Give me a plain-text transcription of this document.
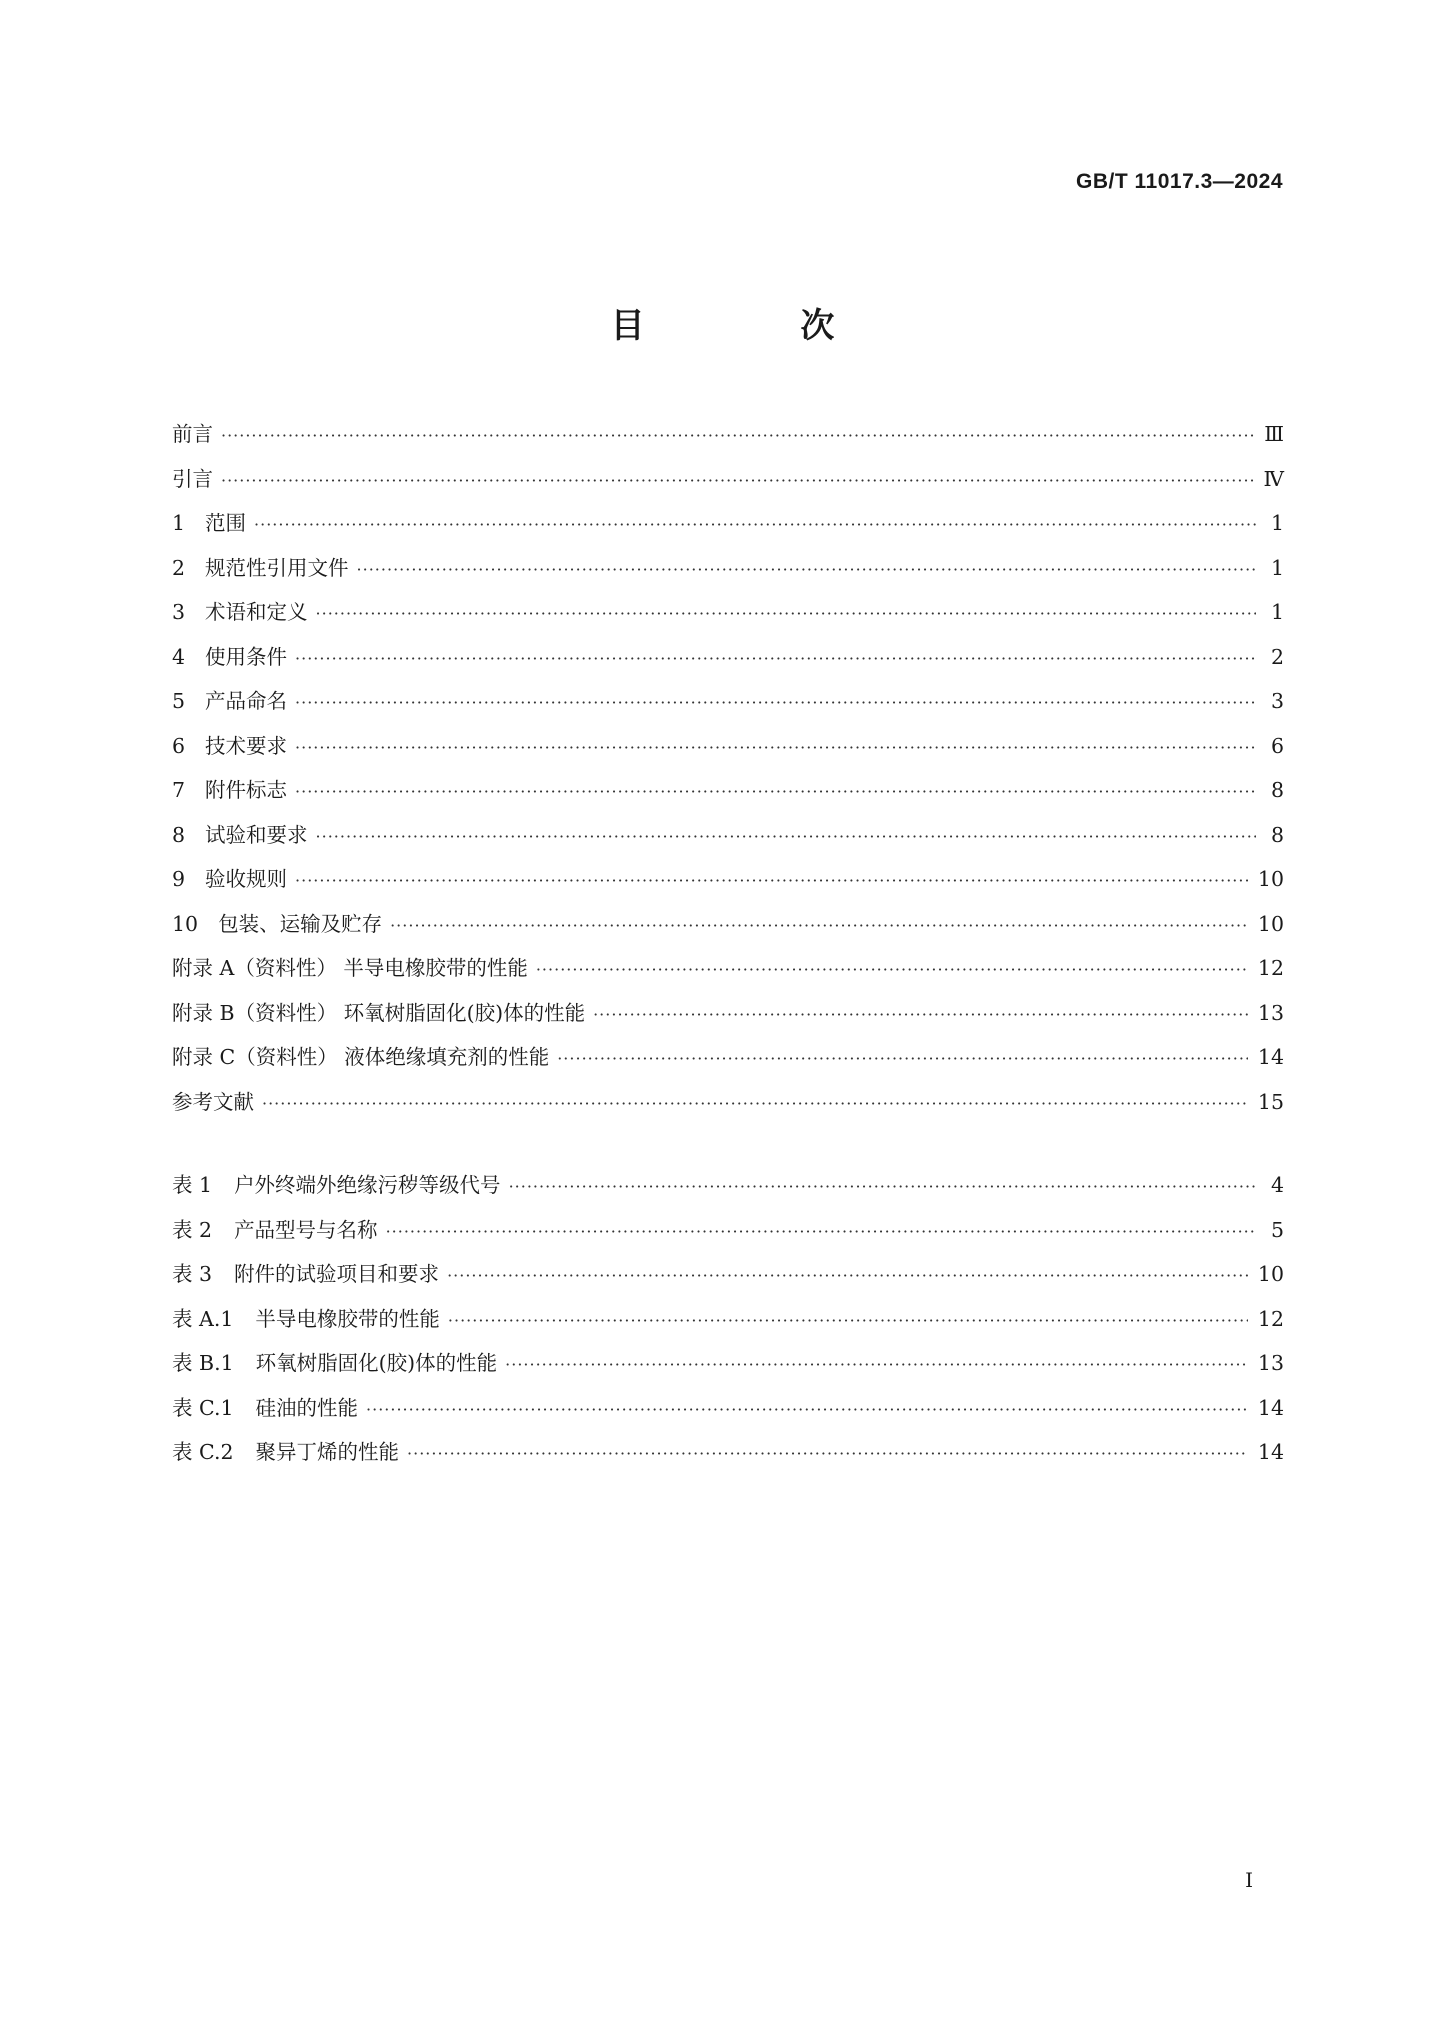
GB/T 11017.3—2024
目 次
前言 ·····	Ⅲ
引言 ·····	Ⅳ
1 范围 ·····	1
2 规范性引用文件 ·····	1
3 术语和定义 ·····	1
4 使用条件 ·····	2
5 产品命名 ·····	3
6 技术要求 ·····	6
7 附件标志 ·····	8
8 试验和要求 ·····	8
9 验收规则 ·····	10
10 包装、运输及贮存 ·····	10
附录 A（资料性） 半导电橡胶带的性能 ·····	12
附录 B（资料性） 环氧树脂固化(胶)体的性能 ·····	13
附录 C（资料性） 液体绝缘填充剂的性能 ·····	14
参考文献 ·····	15
表 1 户外终端外绝缘污秽等级代号 ·····	4
表 2 产品型号与名称 ·····	5
表 3 附件的试验项目和要求 ·····	10
表 A.1 半导电橡胶带的性能 ·····	12
表 B.1 环氧树脂固化(胶)体的性能 ·····	13
表 C.1 硅油的性能 ·····	14
表 C.2 聚异丁烯的性能 ·····	14
I
